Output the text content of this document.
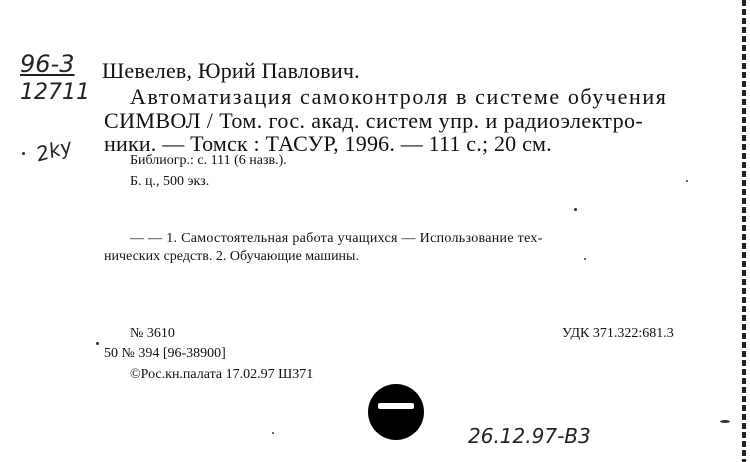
96-3
12711
2ky
Шевелев, Юрий Павлович.
Автоматизация самоконтроля в системе обучения
СИМВОЛ / Том. гос. акад. систем упр. и радиоэлектро-
ники. — Томск : ТАСУР, 1996. — 111 с.; 20 см.
Библиогр.: с. 111 (6 назв.).
Б. ц., 500 экз.
— — 1. Самостоятельная работа учащихся — Использование тех-
нических средств. 2. Обучающие машины.
№ 3610	УДК 371.322:681.3
50 № 394 [96-38900]
©Рос.кн.палата 17.02.97 Ш371
26.12.97-B3
